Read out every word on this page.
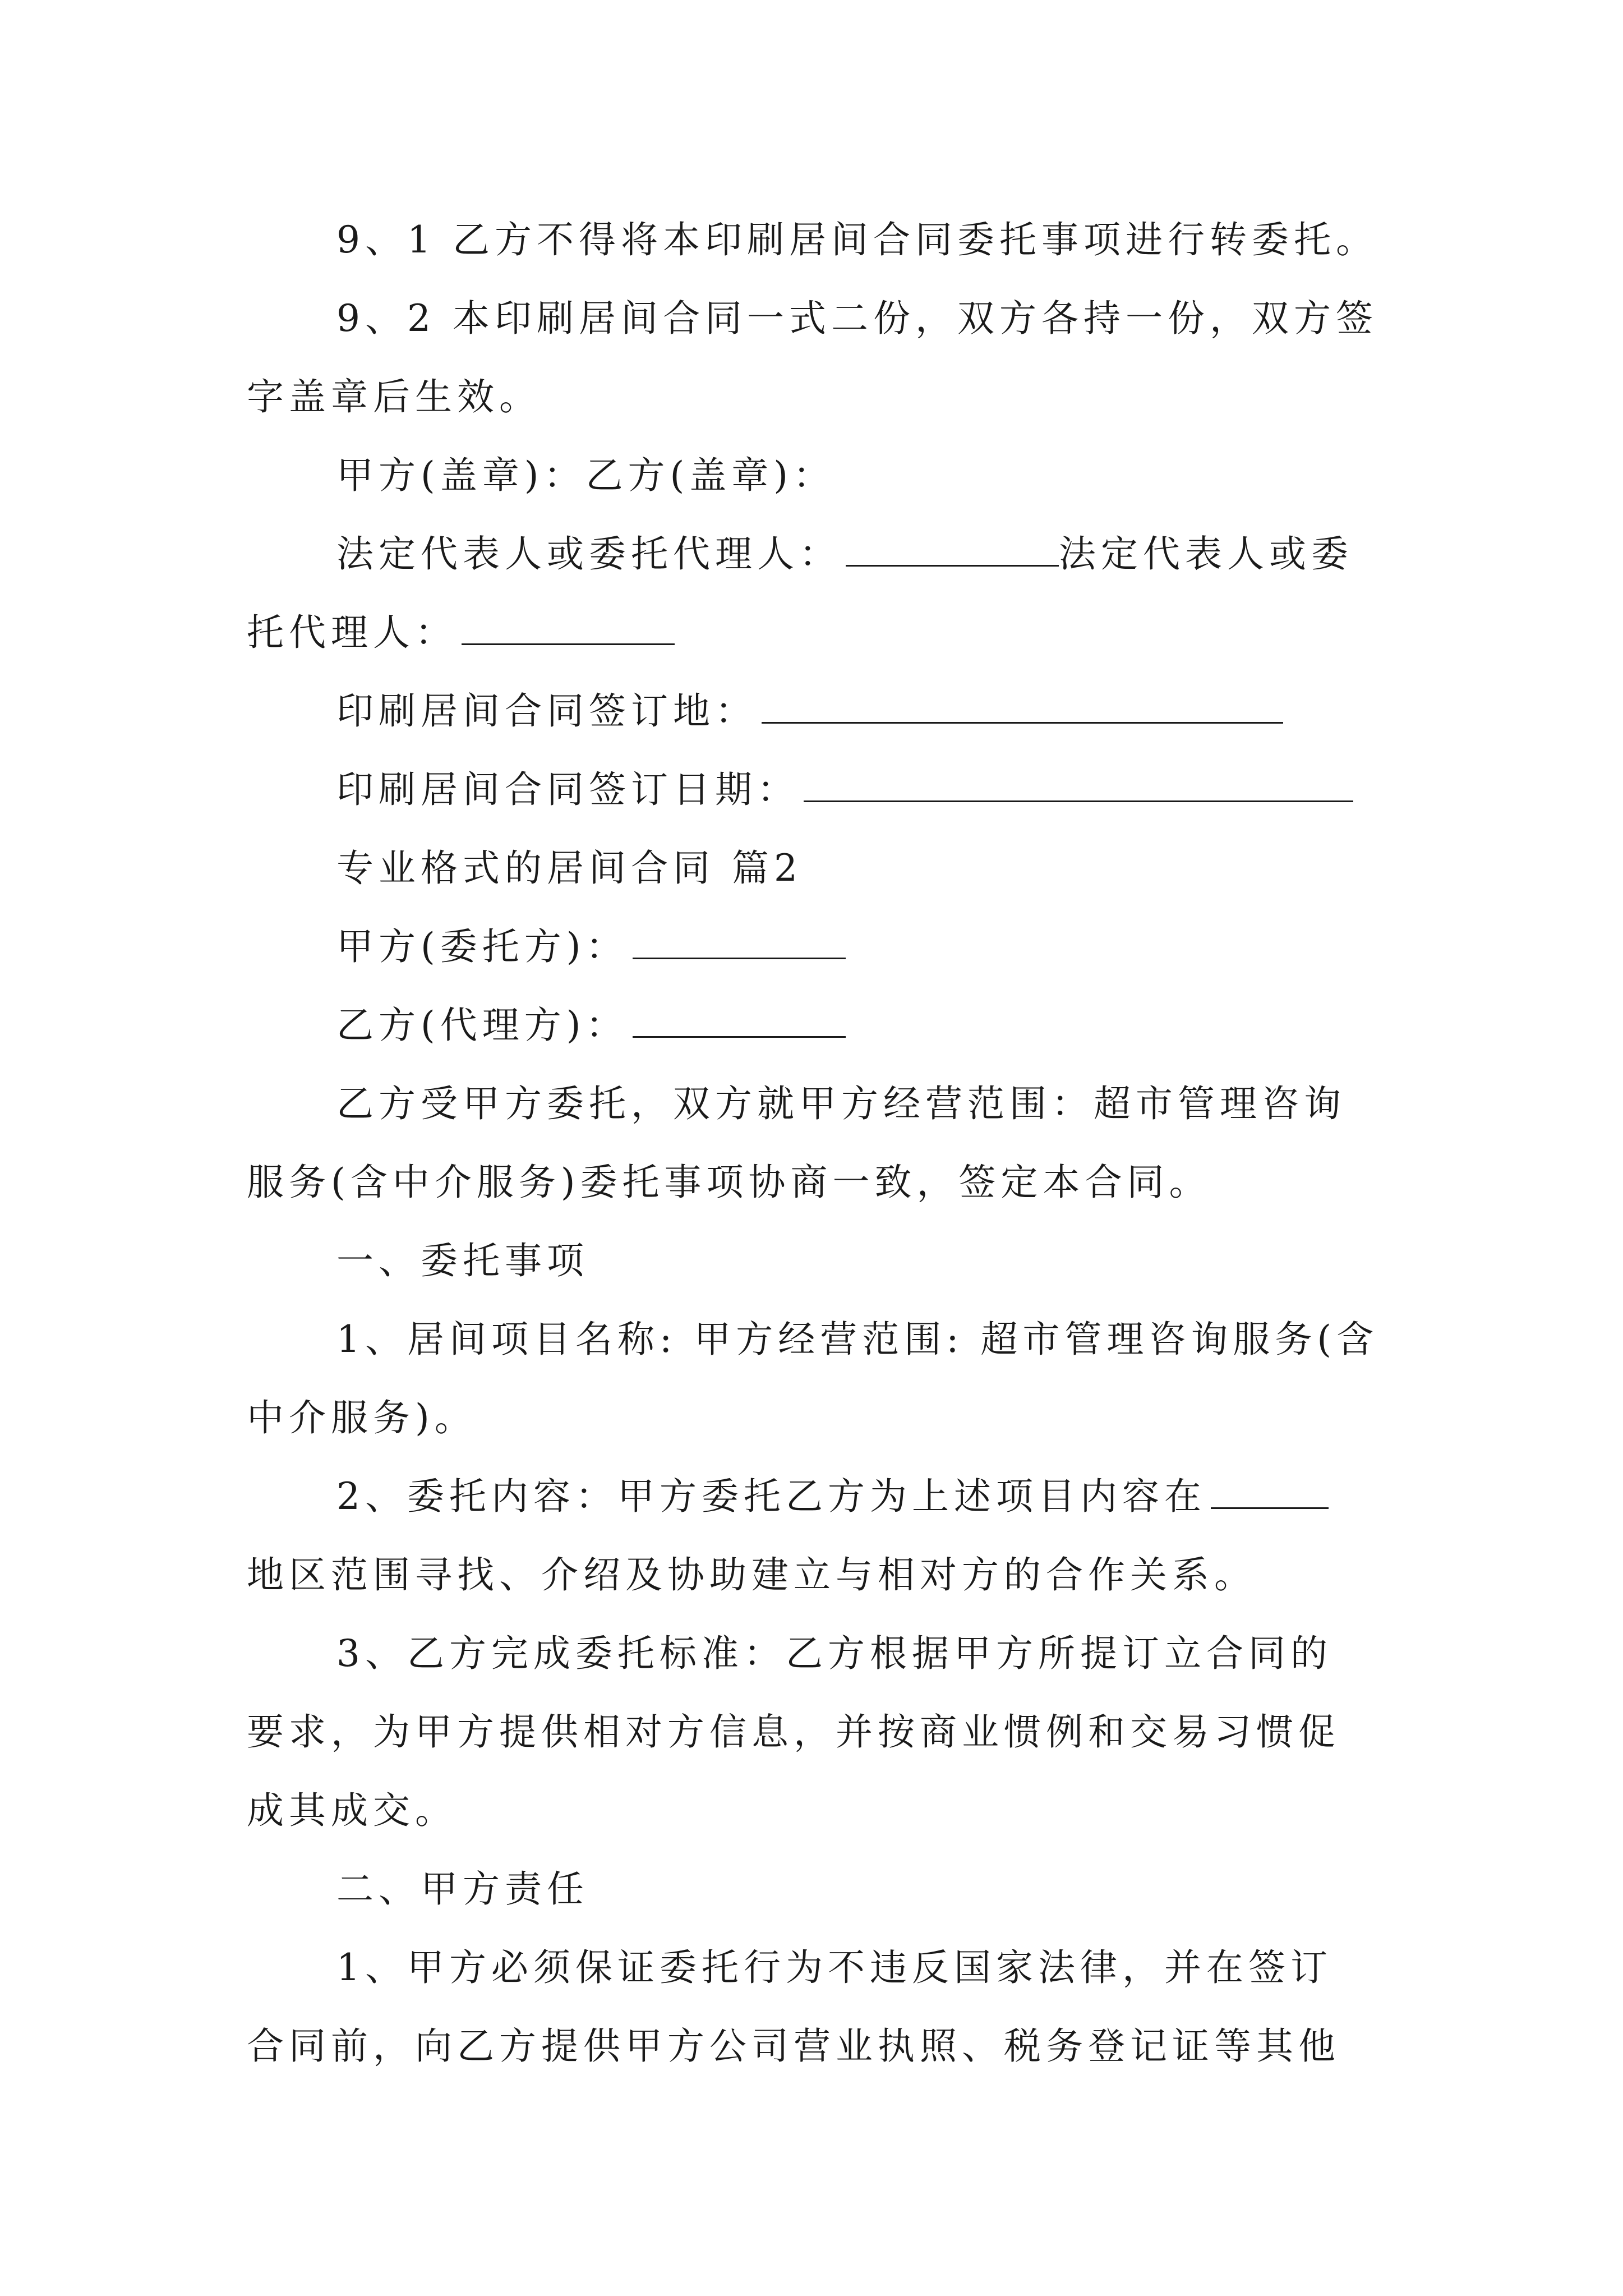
9、1 乙方不得将本印刷居间合同委托事项进行转委托。
9、2 本印刷居间合同一式二份，双方各持一份，双方签
字盖章后生效。
甲方(盖章)：乙方(盖章)：
法定代表人或委托代理人：	法定代表人或委
托代理人：
印刷居间合同签订地：
印刷居间合同签订日期：
专业格式的居间合同 篇2
甲方(委托方)：
乙方(代理方)：
乙方受甲方委托，双方就甲方经营范围：超市管理咨询
服务(含中介服务)委托事项协商一致，签定本合同。
一、委托事项
1、居间项目名称: 甲方经营范围: 超市管理咨询服务(含
中介服务)。
2、委托内容：甲方委托乙方为上述项目内容在
地区范围寻找、介绍及协助建立与相对方的合作关系。
3、乙方完成委托标准：乙方根据甲方所提订立合同的
要求，为甲方提供相对方信息，并按商业惯例和交易习惯促
成其成交。
二、甲方责任
1、甲方必须保证委托行为不违反国家法律，并在签订
合同前，向乙方提供甲方公司营业执照、税务登记证等其他
